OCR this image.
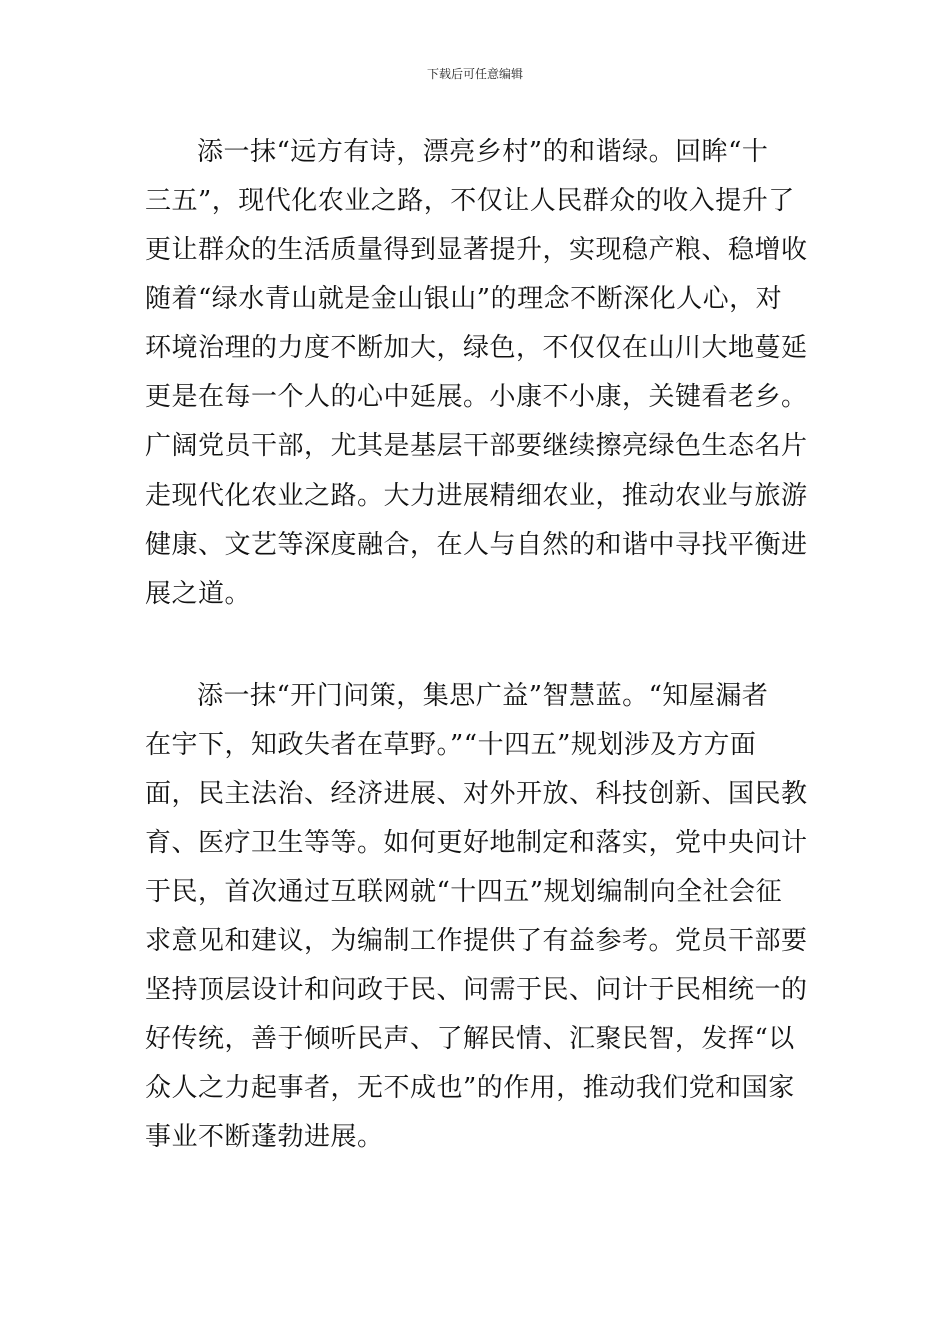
下载后可任意编辑
添一抹“远方有诗，漂亮乡村”的和谐绿。回眸“十
三五”，现代化农业之路，不仅让人民群众的收入提升了
更让群众的生活质量得到显著提升，实现稳产粮、稳增收
随着“绿水青山就是金山银山”的理念不断深化人心，对
环境治理的力度不断加大，绿色，不仅仅在山川大地蔓延
更是在每一个人的心中延展。小康不小康，关键看老乡。
广阔党员干部，尤其是基层干部要继续擦亮绿色生态名片
走现代化农业之路。大力进展精细农业，推动农业与旅游
健康、文艺等深度融合，在人与自然的和谐中寻找平衡进
展之道。
添一抹“开门问策，集思广益”智慧蓝。“知屋漏者
在宇下，知政失者在草野。”“十四五”规划涉及方方面
面，民主法治、经济进展、对外开放、科技创新、国民教
育、医疗卫生等等。如何更好地制定和落实，党中央问计
于民，首次通过互联网就“十四五”规划编制向全社会征
求意见和建议，为编制工作提供了有益参考。党员干部要
坚持顶层设计和问政于民、问需于民、问计于民相统一的
好传统，善于倾听民声、了解民情、汇聚民智，发挥“以
众人之力起事者，无不成也”的作用，推动我们党和国家
事业不断蓬勃进展。
